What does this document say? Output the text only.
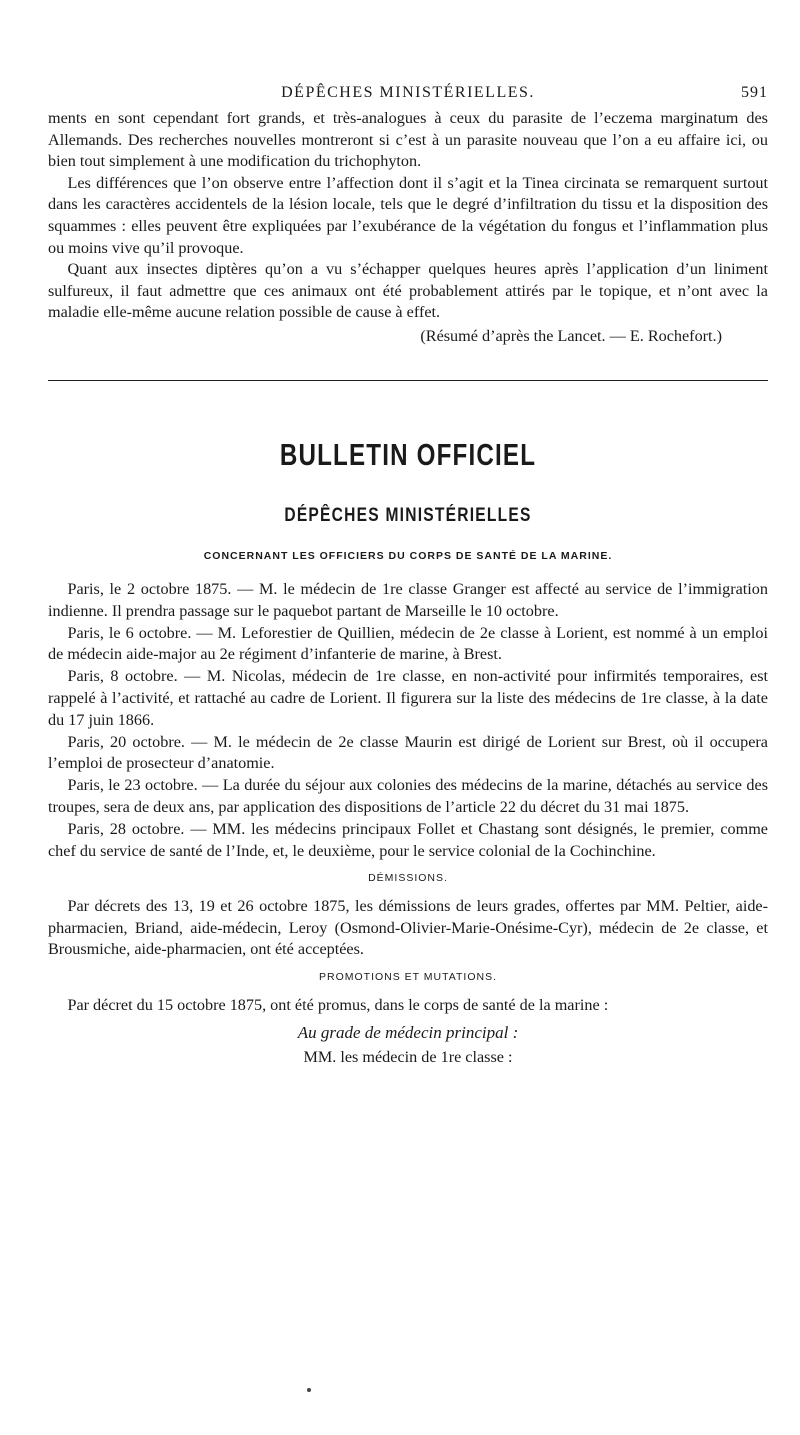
DÉPÊCHES MINISTÉRIELLES.	591

ments en sont cependant fort grands, et très-analogues à ceux du parasite de l’eczema marginatum des Allemands. Des recherches nouvelles montreront si c’est à un parasite nouveau que l’on a eu affaire ici, ou bien tout simplement à une modification du trichophyton.

Les différences que l’on observe entre l’affection dont il s’agit et la Tinea circinata se remarquent surtout dans les caractères accidentels de la lésion locale, tels que le degré d’infiltration du tissu et la disposition des squammes : elles peuvent être expliquées par l’exubérance de la végétation du fongus et l’inflammation plus ou moins vive qu’il provoque.

Quant aux insectes diptères qu’on a vu s’échapper quelques heures après l’application d’un liniment sulfureux, il faut admettre que ces animaux ont été probablement attirés par le topique, et n’ont avec la maladie elle-même aucune relation possible de cause à effet.

(Résumé d’après the Lancet. — E. Rochefort.)
BULLETIN OFFICIEL
DÉPÊCHES MINISTÉRIELLES
CONCERNANT LES OFFICIERS DU CORPS DE SANTÉ DE LA MARINE.

Paris, le 2 octobre 1875. — M. le médecin de 1re classe Granger est affecté au service de l’immigration indienne. Il prendra passage sur le paquebot partant de Marseille le 10 octobre.

Paris, le 6 octobre. — M. Leforestier de Quillien, médecin de 2e classe à Lorient, est nommé à un emploi de médecin aide-major au 2e régiment d’infanterie de marine, à Brest.

Paris, 8 octobre. — M. Nicolas, médecin de 1re classe, en non-activité pour infirmités temporaires, est rappelé à l’activité, et rattaché au cadre de Lorient. Il figurera sur la liste des médecins de 1re classe, à la date du 17 juin 1866.

Paris, 20 octobre. — M. le médecin de 2e classe Maurin est dirigé de Lorient sur Brest, où il occupera l’emploi de prosecteur d’anatomie.

Paris, le 23 octobre. — La durée du séjour aux colonies des médecins de la marine, détachés au service des troupes, sera de deux ans, par application des dispositions de l’article 22 du décret du 31 mai 1875.

Paris, 28 octobre. — MM. les médecins principaux Follet et Chastang sont désignés, le premier, comme chef du service de santé de l’Inde, et, le deuxième, pour le service colonial de la Cochinchine.

DÉMISSIONS.

Par décrets des 13, 19 et 26 octobre 1875, les démissions de leurs grades, offertes par MM. Peltier, aide-pharmacien, Briand, aide-médecin, Leroy (Osmond-Olivier-Marie-Onésime-Cyr), médecin de 2e classe, et Brousmiche, aide-pharmacien, ont été acceptées.

PROMOTIONS ET MUTATIONS.

Par décret du 15 octobre 1875, ont été promus, dans le corps de santé de la marine :

Au grade de médecin principal :
MM. les médecin de 1re classe :
